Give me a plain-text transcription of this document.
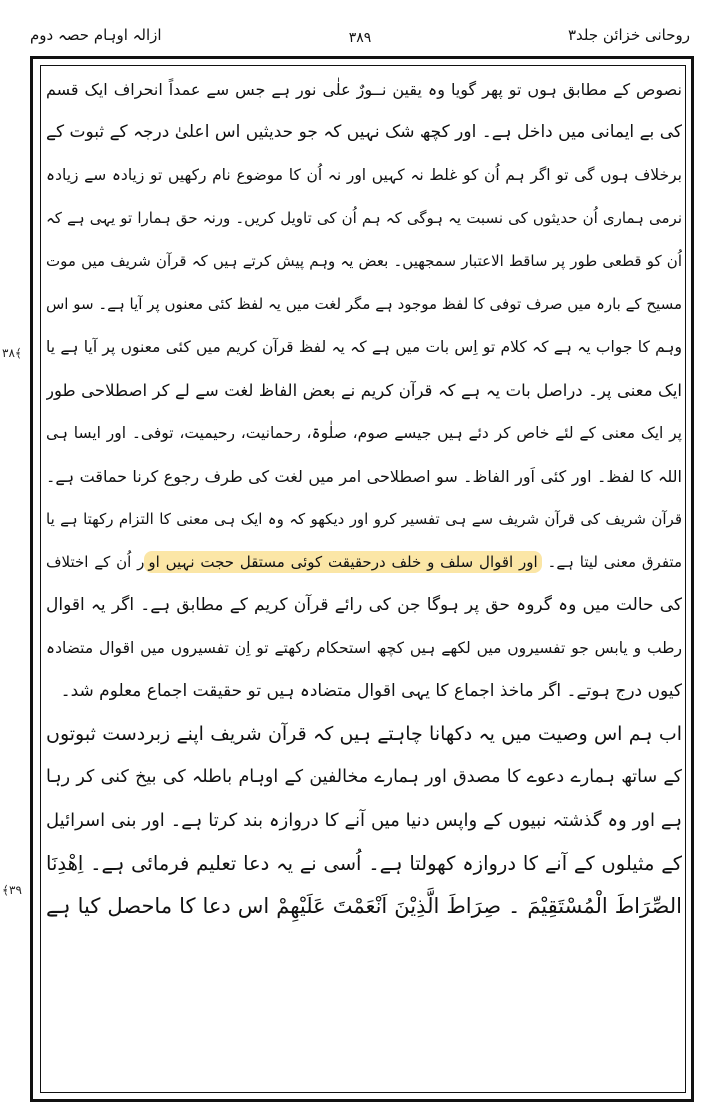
روحانی خزائن جلد۳
۳۸۹
ازالہ اوہام حصہ دوم
۳۸﴾
﴾۳۹
نصوص کے مطابق ہوں تو پھر گویا وہ یقین نــورٌ علٰی نور ہے جس سے عمداً انحراف ایک قسم
کی بے ایمانی میں داخل ہے۔ اور کچھ شک نہیں کہ جو حدیثیں اس اعلیٰ درجہ کے ثبوت کے
برخلاف ہوں گی تو اگر ہم اُن کو غلط نہ کہیں اور نہ اُن کا موضوع نام رکھیں تو زیادہ سے زیادہ
نرمی ہماری اُن حدیثوں کی نسبت یہ ہوگی کہ ہم اُن کی تاویل کریں۔ ورنہ حق ہمارا تو یہی ہے کہ
اُن کو قطعی طور پر ساقط الاعتبار سمجھیں۔ بعض یہ وہم پیش کرتے ہیں کہ قرآن شریف میں موت
مسیح کے بارہ میں صرف توفی کا لفظ موجود ہے مگر لغت میں یہ لفظ کئی معنوں پر آیا ہے۔ سو اس
وہم کا جواب یہ ہے کہ کلام تو اِس بات میں ہے کہ یہ لفظ قرآن کریم میں کئی معنوں پر آیا ہے یا
ایک معنی پر۔ دراصل بات یہ ہے کہ قرآن کریم نے بعض الفاظ لغت سے لے کر اصطلاحی طور
پر ایک معنی کے لئے خاص کر دئے ہیں جیسے صوم، صلٰوۃ، رحمانیت، رحیمیت، توفی۔ اور ایسا ہی
اللہ کا لفظ۔ اور کئی اَور الفاظ۔ سو اصطلاحی امر میں لغت کی طرف رجوع کرنا حماقت ہے۔
قرآن شریف کی قرآن شریف سے ہی تفسیر کرو اور دیکھو کہ وہ ایک ہی معنی کا التزام رکھتا ہے یا
متفرق معنی لیتا ہے۔ اور اقوال سلف و خلف درحقیقت کوئی مستقل حجت نہیں اور اُن کے اختلاف
کی حالت میں وہ گروہ حق پر ہوگا جن کی رائے قرآن کریم کے مطابق ہے۔ اگر یہ اقوال
رطب و یابس جو تفسیروں میں لکھے ہیں کچھ استحکام رکھتے تو اِن تفسیروں میں اقوال متضادہ
کیوں درج ہوتے۔ اگر ماخذ اجماع کا یہی اقوال متضادہ ہیں تو حقیقت اجماع معلوم شد۔
اب ہم اس وصیت میں یہ دکھانا چاہتے ہیں کہ قرآن شریف اپنے زبردست ثبوتوں
کے ساتھ ہمارے دعوے کا مصدق اور ہمارے مخالفین کے اوہام باطلہ کی بیخ کنی کر رہا
ہے اور وہ گذشتہ نبیوں کے واپس دنیا میں آنے کا دروازہ بند کرتا ہے۔ اور بنی اسرائیل
کے مثیلوں کے آنے کا دروازہ کھولتا ہے۔ اُسی نے یہ دعا تعلیم فرمائی ہے۔ اِهْدِنَا
الصِّرَاطَ الْمُسْتَقِيْمَ ۔ صِرَاطَ الَّذِيْنَ اَنْعَمْتَ عَلَيْهِمْ اس دعا کا ماحصل کیا ہے
